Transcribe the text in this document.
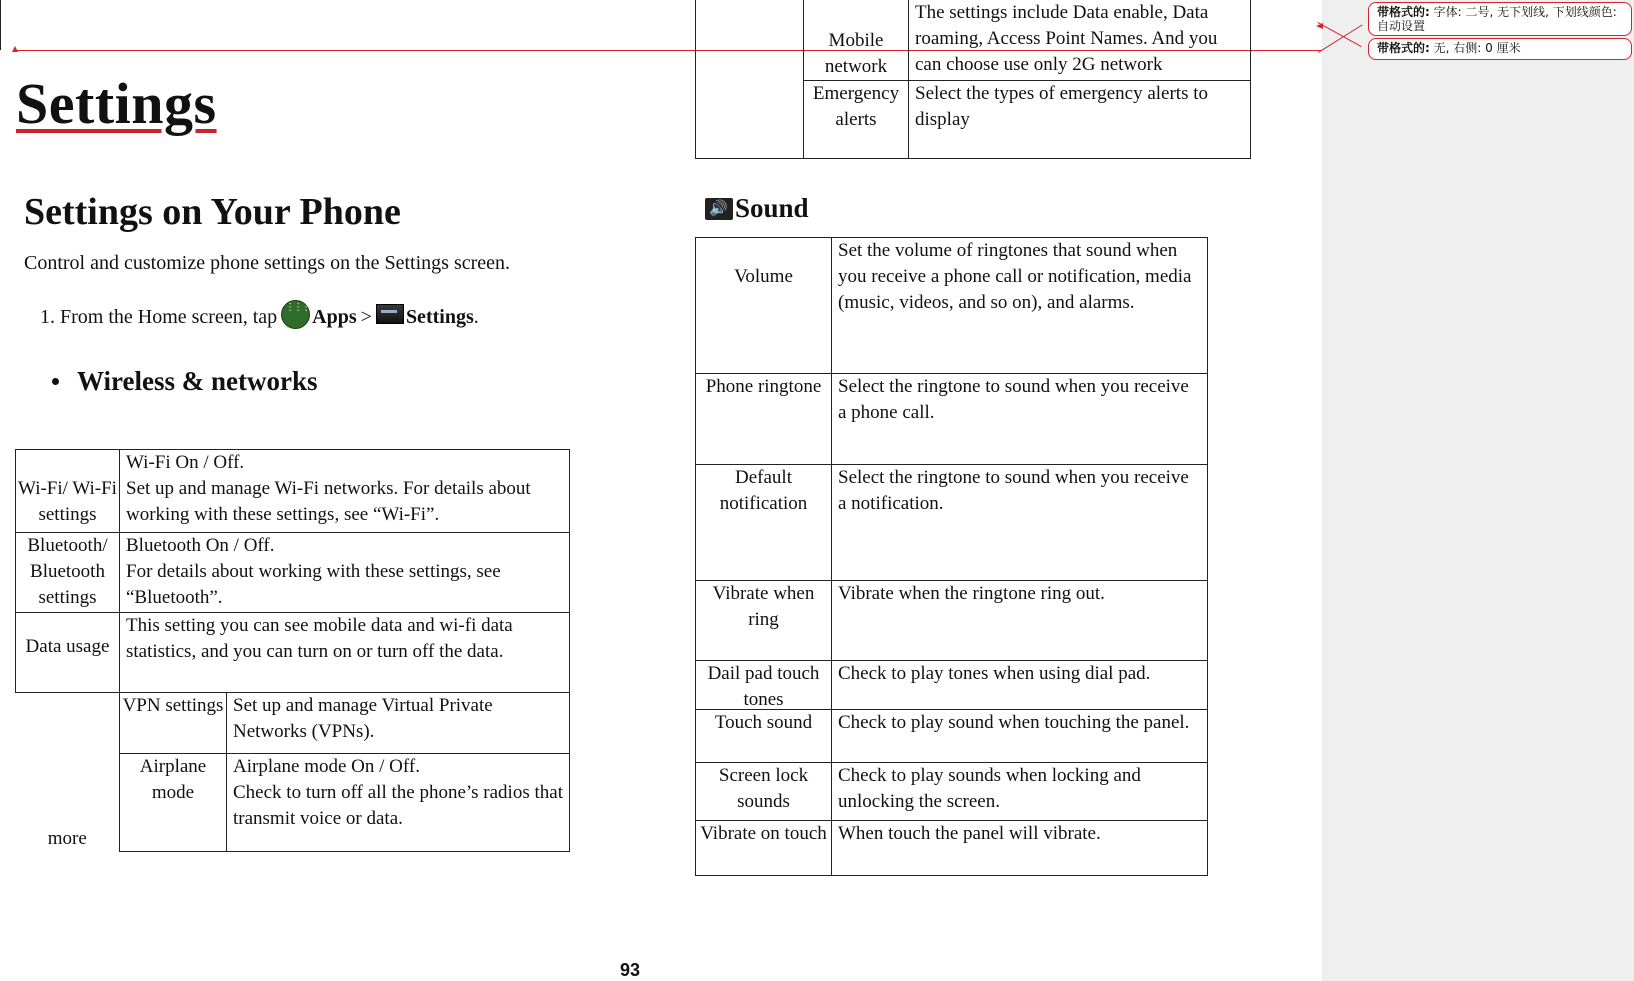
Settings
Settings on Your Phone

Control and customize phone settings on the Settings screen.

1. From the Home screen, tap ⋮⋮⋮ Apps > Settings .

Wireless & networks

Wi-Fi/ Wi-Fi settings	Wi-Fi On / Off.
Set up and manage Wi-Fi networks. For details about working with these settings, see “Wi-Fi”.	
Bluetooth/ Bluetooth settings	Bluetooth On / Off.
For details about working with these settings, see “Bluetooth”.	
Data usage	This setting you can see mobile data and wi-fi data statistics, and you can turn on or turn off the data.	
more	VPN settings	Set up and manage Virtual Private Networks (VPNs).
	Airplane mode	Airplane mode On / Off.
Check to turn off all the phone’s radios that transmit voice or data.
	Mobile network	The settings include Data enable, Data roaming, Access Point Names. And you can choose use only 2G network
	Emergency alerts	Select the types of emergency alerts to display

🔊
Sound

Volume	Set the volume of ringtones that sound when you receive a phone call or notification, media (music, videos, and so on), and alarms.
Phone ringtone	Select the ringtone to sound when you receive a phone call.
Default notification	Select the ringtone to sound when you receive a notification.
Vibrate when ring	Vibrate when the ringtone ring out.

Dail pad touch tones	Check to play tones when using dial pad.
Touch sound	Check to play sound when touching the panel.
Screen lock sounds	Check to play sounds when locking and unlocking the screen.
Vibrate on touch	When touch the panel will vibrate.

93

带格式的: 字体: 二号, 无下划线, 下划线颜色: 自动设置
带格式的: 无, 右侧: 0 厘米
